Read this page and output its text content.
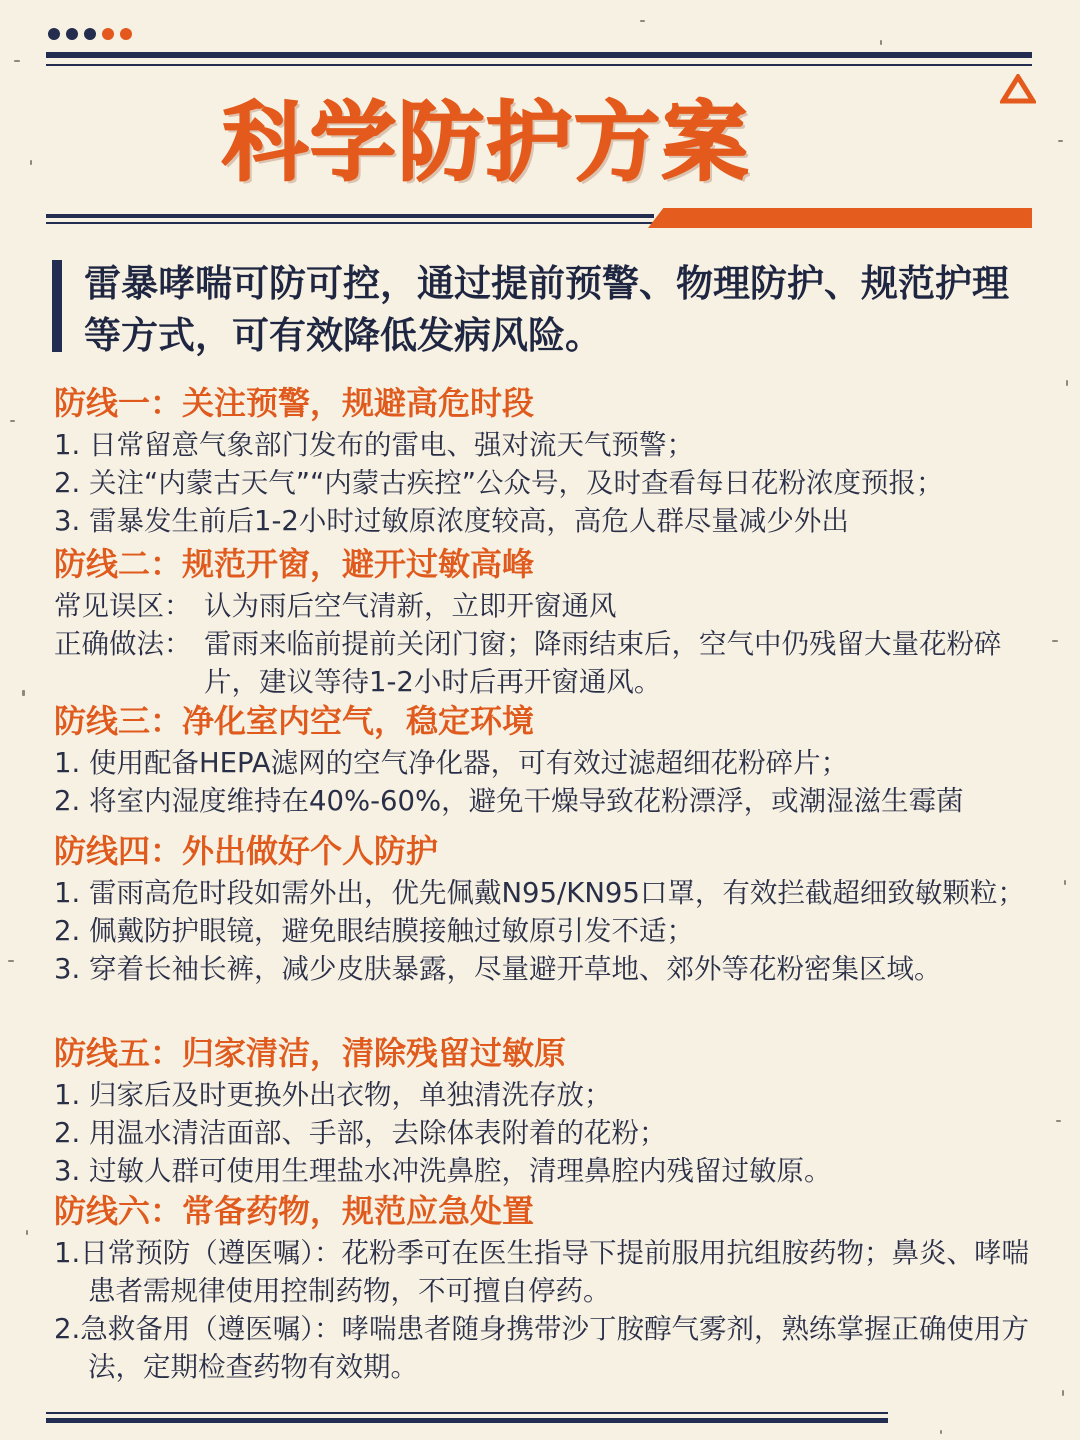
科学防护方案
雷暴哮喘可防可控，通过提前预警、物理防护、规范护理等方式，可有效降低发病风险。
防线一：关注预警，规避高危时段
1. 日常留意气象部门发布的雷电、强对流天气预警；
2. 关注“内蒙古天气”“内蒙古疾控”公众号，及时查看每日花粉浓度预报；
3. 雷暴发生前后1-2小时过敏原浓度较高，高危人群尽量减少外出
防线二：规范开窗，避开过敏高峰
常见误区： 认为雨后空气清新，立即开窗通风
正确做法： 雷雨来临前提前关闭门窗；降雨结束后，空气中仍残留大量花粉碎片，建议等待1-2小时后再开窗通风。
防线三：净化室内空气，稳定环境
1. 使用配备HEPA滤网的空气净化器，可有效过滤超细花粉碎片；
2. 将室内湿度维持在40%-60%，避免干燥导致花粉漂浮，或潮湿滋生霉菌
防线四：外出做好个人防护
1. 雷雨高危时段如需外出，优先佩戴N95/KN95口罩，有效拦截超细致敏颗粒；
2. 佩戴防护眼镜，避免眼结膜接触过敏原引发不适；
3. 穿着长袖长裤，减少皮肤暴露，尽量避开草地、郊外等花粉密集区域。
防线五：归家清洁，清除残留过敏原
1. 归家后及时更换外出衣物，单独清洗存放；
2. 用温水清洁面部、手部，去除体表附着的花粉；
3. 过敏人群可使用生理盐水冲洗鼻腔，清理鼻腔内残留过敏原。
防线六：常备药物，规范应急处置
1.日常预防（遵医嘱）：花粉季可在医生指导下提前服用抗组胺药物；鼻炎、哮喘患者需规律使用控制药物，不可擅自停药。
2.急救备用（遵医嘱）：哮喘患者随身携带沙丁胺醇气雾剂，熟练掌握正确使用方法，定期检查药物有效期。
